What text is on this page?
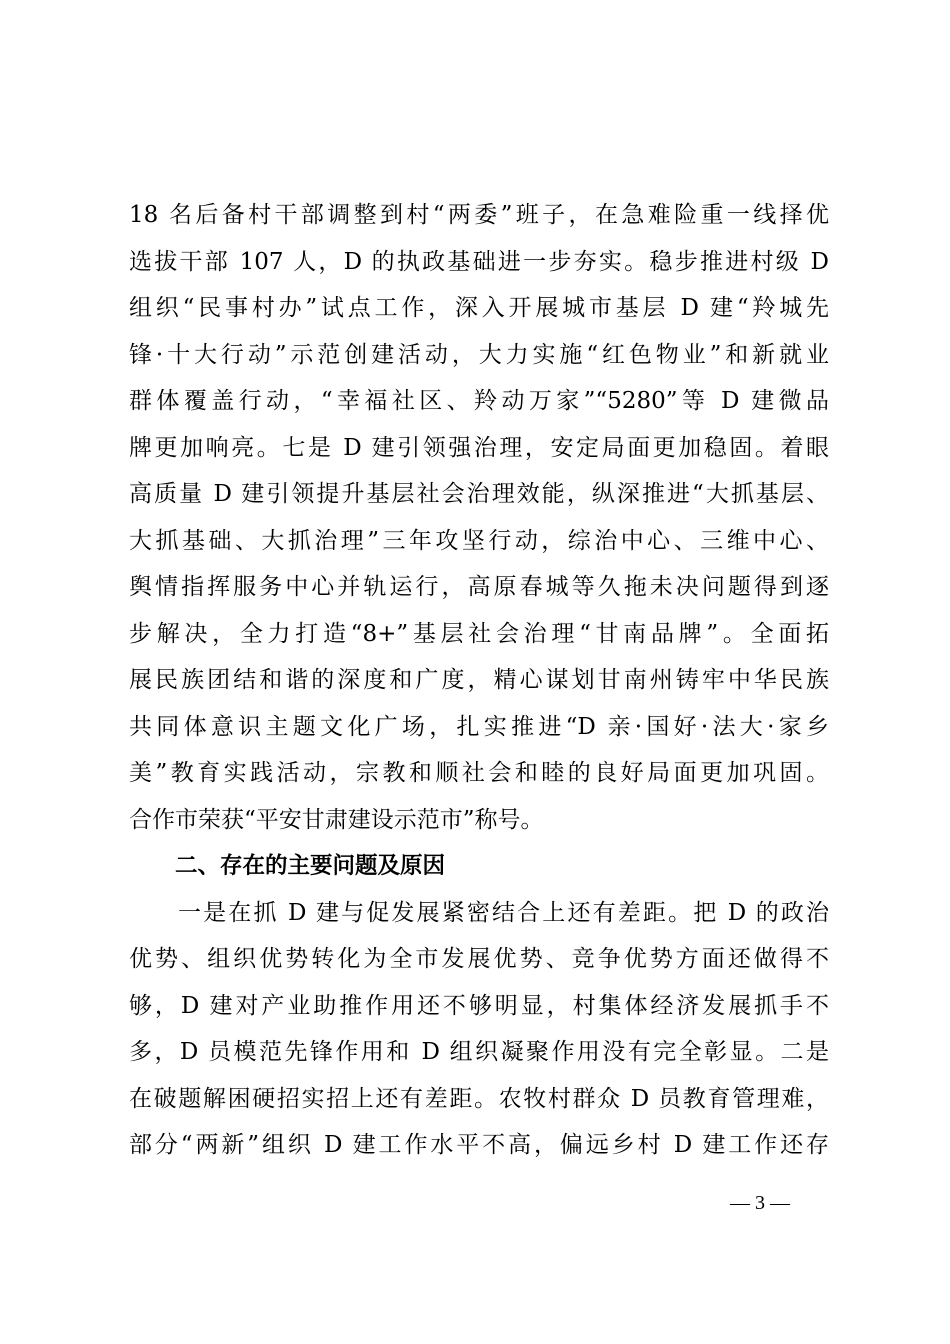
18 名后备村干部调整到村“两委”班子，在急难险重一线择优
选拔干部 107 人，D 的执政基础进一步夯实。稳步推进村级 D
组织“民事村办”试点工作，深入开展城市基层 D 建“羚城先
锋·十大行动”示范创建活动，大力实施“红色物业”和新就业
群体覆盖行动，“幸福社区、羚动万家”“5280”等 D 建微品
牌更加响亮。七是 D 建引领强治理，安定局面更加稳固。着眼
高质量 D 建引领提升基层社会治理效能，纵深推进“大抓基层、
大抓基础、大抓治理”三年攻坚行动，综治中心、三维中心、
舆情指挥服务中心并轨运行，高原春城等久拖未决问题得到逐
步解决，全力打造“8+”基层社会治理“甘南品牌”。全面拓
展民族团结和谐的深度和广度，精心谋划甘南州铸牢中华民族
共同体意识主题文化广场，扎实推进“D 亲·国好·法大·家乡
美”教育实践活动，宗教和顺社会和睦的良好局面更加巩固。
合作市荣获“平安甘肃建设示范市”称号。
二、存在的主要问题及原因
一是在抓 D 建与促发展紧密结合上还有差距。把 D 的政治
优势、组织优势转化为全市发展优势、竞争优势方面还做得不
够，D 建对产业助推作用还不够明显，村集体经济发展抓手不
多，D 员模范先锋作用和 D 组织凝聚作用没有完全彰显。二是
在破题解困硬招实招上还有差距。农牧村群众 D 员教育管理难，
部分“两新”组织 D 建工作水平不高，偏远乡村 D 建工作还存
— 3 —
